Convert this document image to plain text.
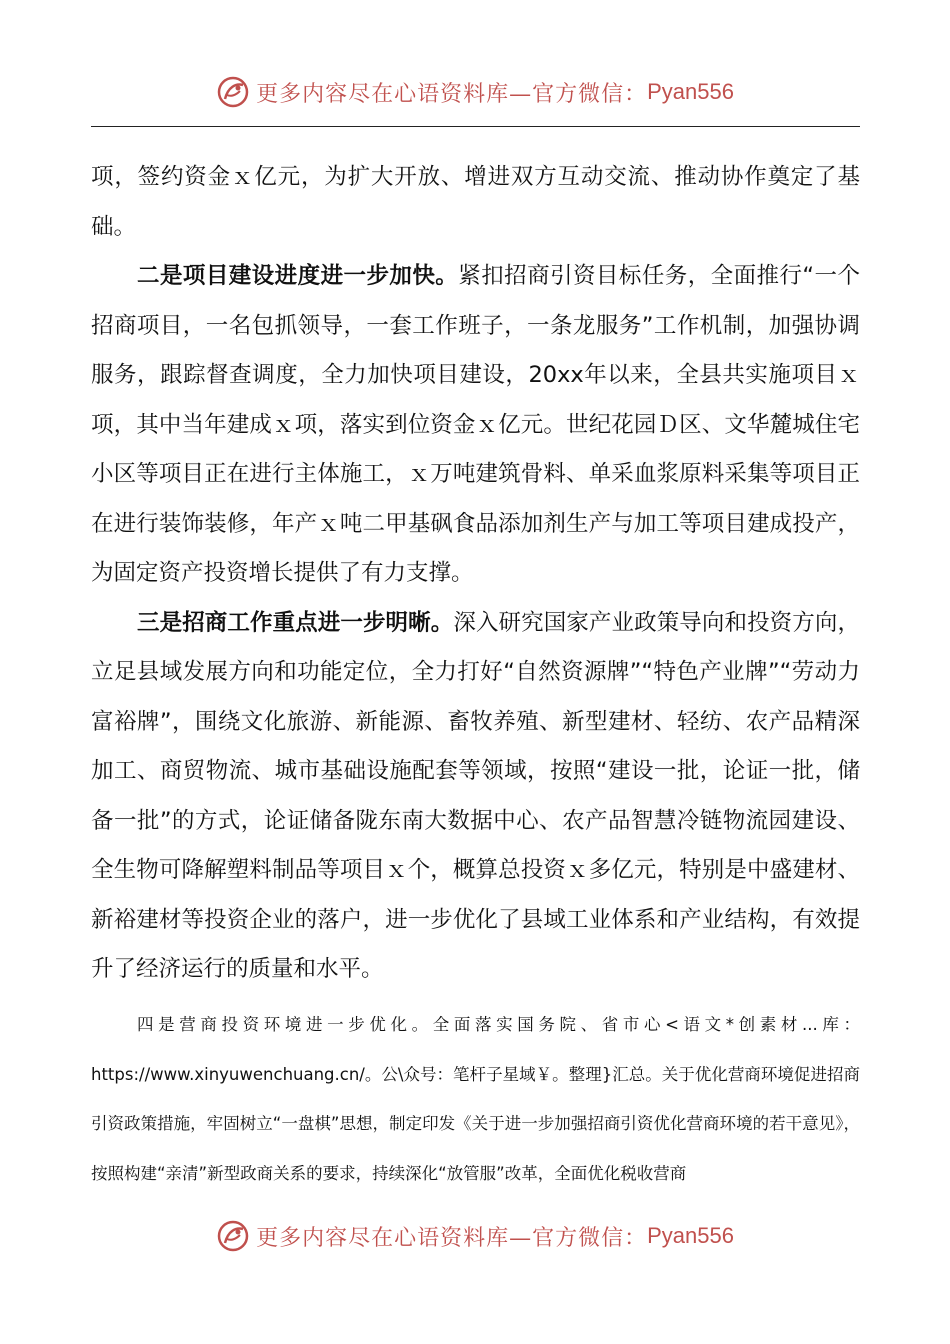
更多内容尽在心语资料库—官方微信： Pyan556

项，签约资金ｘ亿元，为扩大开放、增进双方互动交流、推动协作奠定了基础。

二是项目建设进度进一步加快。紧扣招商引资目标任务，全面推行“一个招商项目，一名包抓领导，一套工作班子，一条龙服务”工作机制，加强协调服务，跟踪督查调度，全力加快项目建设，20xx年以来，全县共实施项目ｘ项，其中当年建成ｘ项，落实到位资金ｘ亿元。世纪花园Ｄ区、文华麓城住宅小区等项目正在进行主体施工，ｘ万吨建筑骨料、单采血浆原料采集等项目正在进行装饰装修，年产ｘ吨二甲基砜食品添加剂生产与加工等项目建成投产，为固定资产投资增长提供了有力支撑。

三是招商工作重点进一步明晰。深入研究国家产业政策导向和投资方向，立足县域发展方向和功能定位，全力打好“自然资源牌”“特色产业牌”“劳动力富裕牌”，围绕文化旅游、新能源、畜牧养殖、新型建材、轻纺、农产品精深加工、商贸物流、城市基础设施配套等领域，按照“建设一批，论证一批，储备一批”的方式，论证储备陇东南大数据中心、农产品智慧冷链物流园建设、全生物可降解塑料制品等项目ｘ个，概算总投资ｘ多亿元，特别是中盛建材、新裕建材等投资企业的落户，进一步优化了县域工业体系和产业结构，有效提升了经济运行的质量和水平。

四是营商投资环境进一步优化。全面落实国务院、省市心<语文*创素材...库：https://www.xinyuwenchuang.cn/。公\众号：笔杆子星域￥。整理}汇总。关于优化营商环境促进招商引资政策措施，牢固树立“一盘棋”思想，制定印发《关于进一步加强招商引资优化营商环境的若干意见》，按照构建“亲清”新型政商关系的要求，持续深化“放管服”改革，全面优化税收营商

更多内容尽在心语资料库—官方微信： Pyan556
